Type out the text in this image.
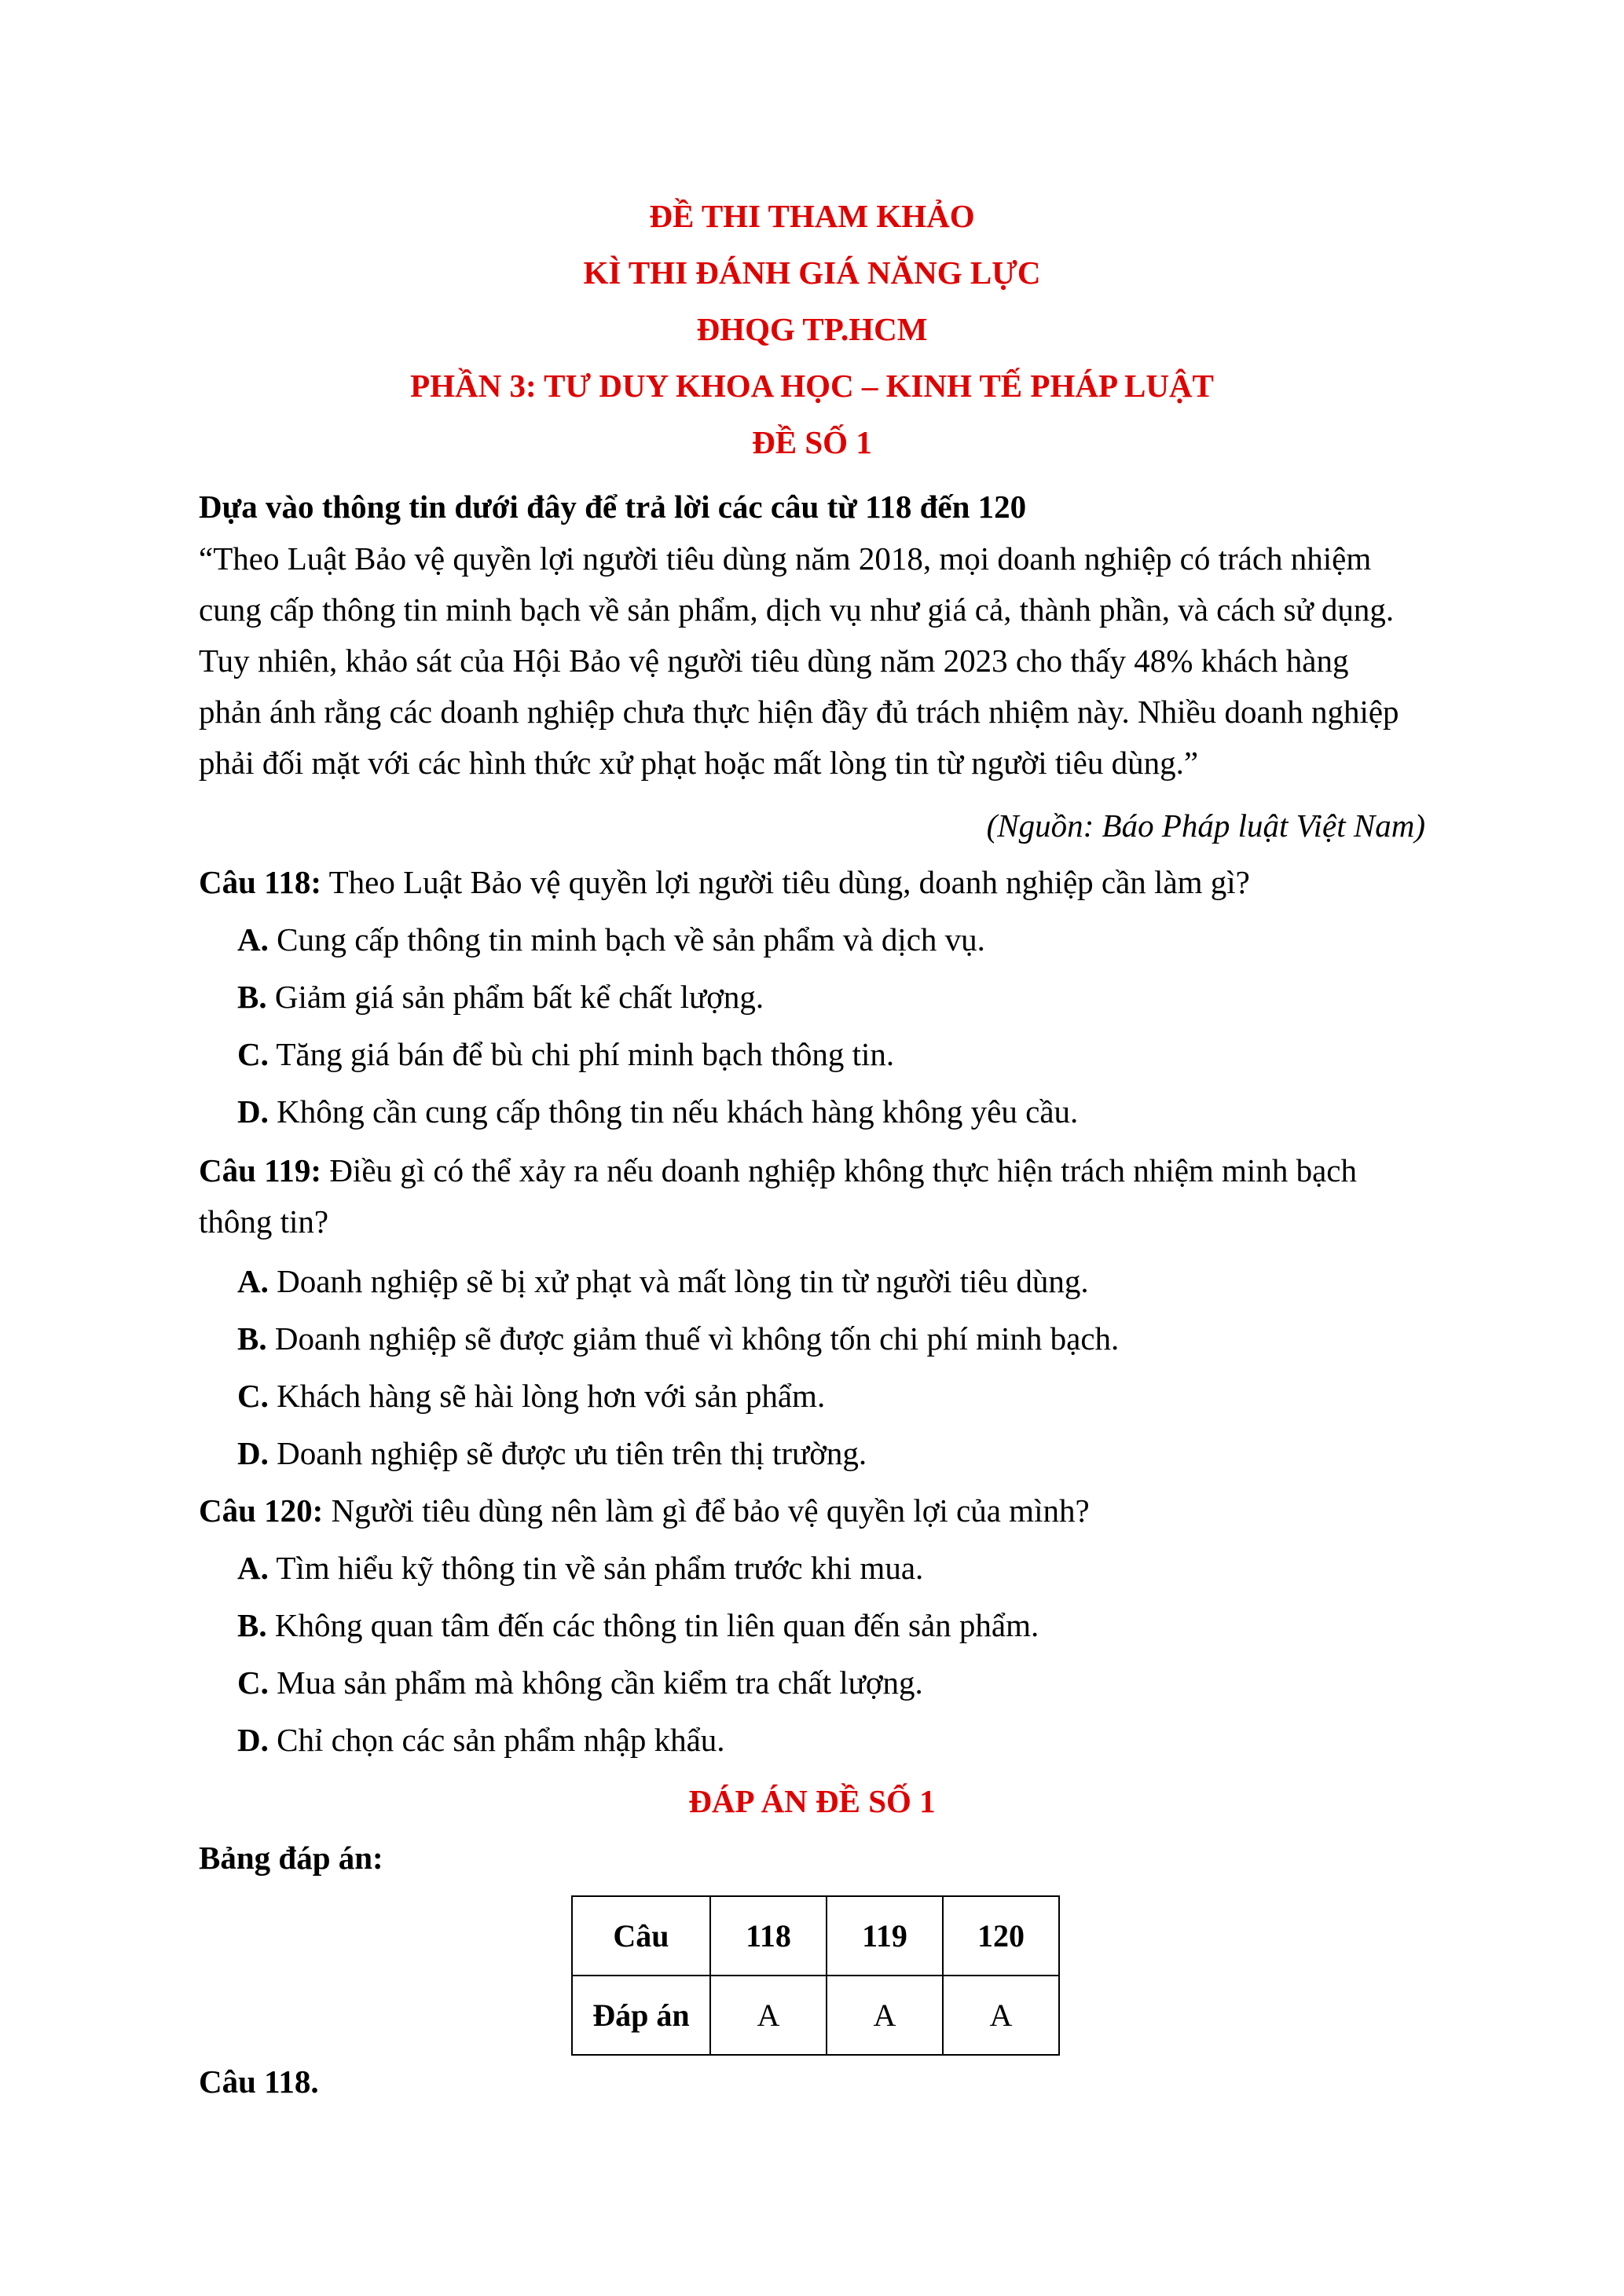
ĐỀ THI THAM KHẢO

KÌ THI ĐÁNH GIÁ NĂNG LỰC

ĐHQG TP.HCM

PHẦN 3: TƯ DUY KHOA HỌC – KINH TẾ PHÁP LUẬT

ĐỀ SỐ 1

Dựa vào thông tin dưới đây để trả lời các câu từ 118 đến 120

“Theo Luật Bảo vệ quyền lợi người tiêu dùng năm 2018, mọi doanh nghiệp có trách nhiệm

cung cấp thông tin minh bạch về sản phẩm, dịch vụ như giá cả, thành phần, và cách sử dụng.

Tuy nhiên, khảo sát của Hội Bảo vệ người tiêu dùng năm 2023 cho thấy 48% khách hàng

phản ánh rằng các doanh nghiệp chưa thực hiện đầy đủ trách nhiệm này. Nhiều doanh nghiệp

phải đối mặt với các hình thức xử phạt hoặc mất lòng tin từ người tiêu dùng.”

(Nguồn: Báo Pháp luật Việt Nam)

Câu 118: Theo Luật Bảo vệ quyền lợi người tiêu dùng, doanh nghiệp cần làm gì?

A. Cung cấp thông tin minh bạch về sản phẩm và dịch vụ.

B. Giảm giá sản phẩm bất kể chất lượng.

C. Tăng giá bán để bù chi phí minh bạch thông tin.

D. Không cần cung cấp thông tin nếu khách hàng không yêu cầu.

Câu 119: Điều gì có thể xảy ra nếu doanh nghiệp không thực hiện trách nhiệm minh bạch

thông tin?

A. Doanh nghiệp sẽ bị xử phạt và mất lòng tin từ người tiêu dùng.

B. Doanh nghiệp sẽ được giảm thuế vì không tốn chi phí minh bạch.

C. Khách hàng sẽ hài lòng hơn với sản phẩm.

D. Doanh nghiệp sẽ được ưu tiên trên thị trường.

Câu 120: Người tiêu dùng nên làm gì để bảo vệ quyền lợi của mình?

A. Tìm hiểu kỹ thông tin về sản phẩm trước khi mua.

B. Không quan tâm đến các thông tin liên quan đến sản phẩm.

C. Mua sản phẩm mà không cần kiểm tra chất lượng.

D. Chỉ chọn các sản phẩm nhập khẩu.

ĐÁP ÁN ĐỀ SỐ 1

Bảng đáp án:

Câu	118	119	120
Đáp án	A	A	A

Câu 118.
